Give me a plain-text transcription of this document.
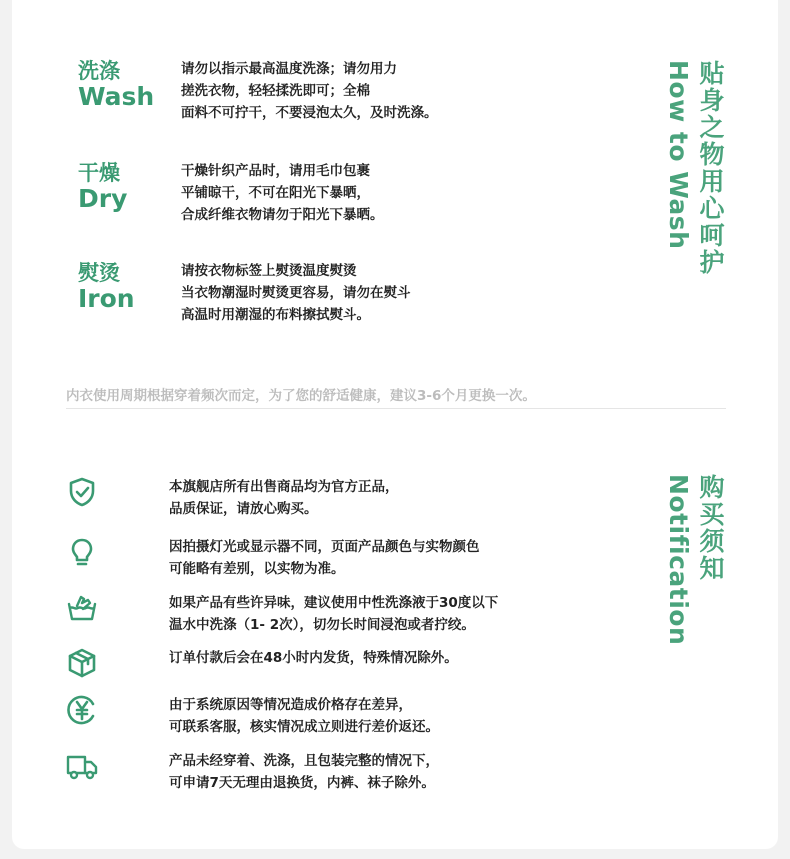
洗涤
Wash
请勿以指示最高温度洗涤；请勿用力
搓洗衣物，轻轻揉洗即可；全棉
面料不可拧干，不要浸泡太久，及时洗涤。
干燥
Dry
干燥针织产品时，请用毛巾包裹
平铺晾干，不可在阳光下暴晒，
合成纤维衣物请勿于阳光下暴晒。
熨烫
Iron
请按衣物标签上熨烫温度熨烫
当衣物潮湿时熨烫更容易，请勿在熨斗
高温时用潮湿的布料擦拭熨斗。
How to Wash 贴身之物用心呵护
内衣使用周期根据穿着频次而定，为了您的舒适健康，建议3-6个月更换一次。
本旗舰店所有出售商品均为官方正品，
品质保证，请放心购买。
因拍摄灯光或显示器不同，页面产品颜色与实物颜色
可能略有差别，以实物为准。
如果产品有些许异味，建议使用中性洗涤液于30度以下
温水中洗涤（1- 2次），切勿长时间浸泡或者拧绞。
订单付款后会在48小时内发货，特殊情况除外。
由于系统原因等情况造成价格存在差异，
可联系客服，核实情况成立则进行差价返还。
产品未经穿着、洗涤，且包装完整的情况下，
可申请7天无理由退换货，内裤、袜子除外。
Notification 购买须知
